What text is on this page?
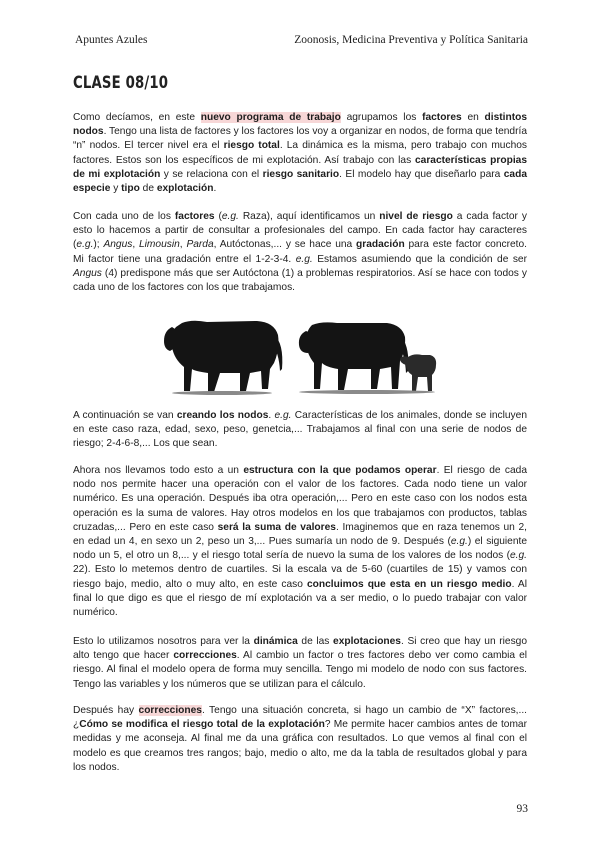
Apuntes Azules	Zoonosis, Medicina Preventiva y Política Sanitaria
CLASE 08/10

Como decíamos, en este nuevo programa de trabajo agrupamos los factores en distintos nodos. Tengo una lista de factores y los factores los voy a organizar en nodos, de forma que tendría “n” nodos. El tercer nivel era el riesgo total. La dinámica es la misma, pero trabajo con muchos factores. Estos son los específicos de mi explotación. Así trabajo con las características propias de mi explotación y se relaciona con el riesgo sanitario. El modelo hay que diseñarlo para cada especie y tipo de explotación.

Con cada uno de los factores (e.g. Raza), aquí identificamos un nivel de riesgo a cada factor y esto lo hacemos a partir de consultar a profesionales del campo. En cada factor hay caracteres (e.g.); Angus, Limousin, Parda, Autóctonas,... y se hace una gradación para este factor concreto. Mi factor tiene una gradación entre el 1-2-3-4. e.g. Estamos asumiendo que la condición de ser Angus (4) predispone más que ser Autóctona (1) a problemas respiratorios. Así se hace con todos y cada uno de los factores con los que trabajamos.

A continuación se van creando los nodos. e.g. Características de los animales, donde se incluyen en este caso raza, edad, sexo, peso, genetcia,... Trabajamos al final con una serie de nodos de riesgo; 2-4-6-8,... Los que sean.

Ahora nos llevamos todo esto a un estructura con la que podamos operar. El riesgo de cada nodo nos permite hacer una operación con el valor de los factores. Cada nodo tiene un valor numérico. Es una operación. Después iba otra operación,... Pero en este caso con los nodos esta operación es la suma de valores. Hay otros modelos en los que trabajamos con productos, tablas cruzadas,... Pero en este caso será la suma de valores. Imaginemos que en raza tenemos un 2, en edad un 4, en sexo un 2, peso un 3,... Pues sumaría un nodo de 9. Después (e.g.) el siguiente nodo un 5, el otro un 8,... y el riesgo total sería de nuevo la suma de los valores de los nodos (e.g. 22). Esto lo metemos dentro de cuartiles. Si la escala va de 5-60 (cuartiles de 15) y vamos con riesgo bajo, medio, alto o muy alto, en este caso concluimos que esta en un riesgo medio. Al final lo que digo es que el riesgo de mí explotación va a ser medio, o lo puedo trabajar con valor numérico.

Esto lo utilizamos nosotros para ver la dinámica de las explotaciones. Si creo que hay un riesgo alto tengo que hacer correcciones. Al cambio un factor o tres factores debo ver como cambia el riesgo. Al final el modelo opera de forma muy sencilla. Tengo mi modelo de nodo con sus factores. Tengo las variables y los números que se utilizan para el cálculo.

Después hay correcciones. Tengo una situación concreta, si hago un cambio de “X” factores,... ¿Cómo se modifica el riesgo total de la explotación? Me permite hacer cambios antes de tomar medidas y me aconseja. Al final me da una gráfica con resultados. Lo que vemos al final con el modelo es que creamos tres rangos; bajo, medio o alto, me da la tabla de resultados global y para los nodos.

93
